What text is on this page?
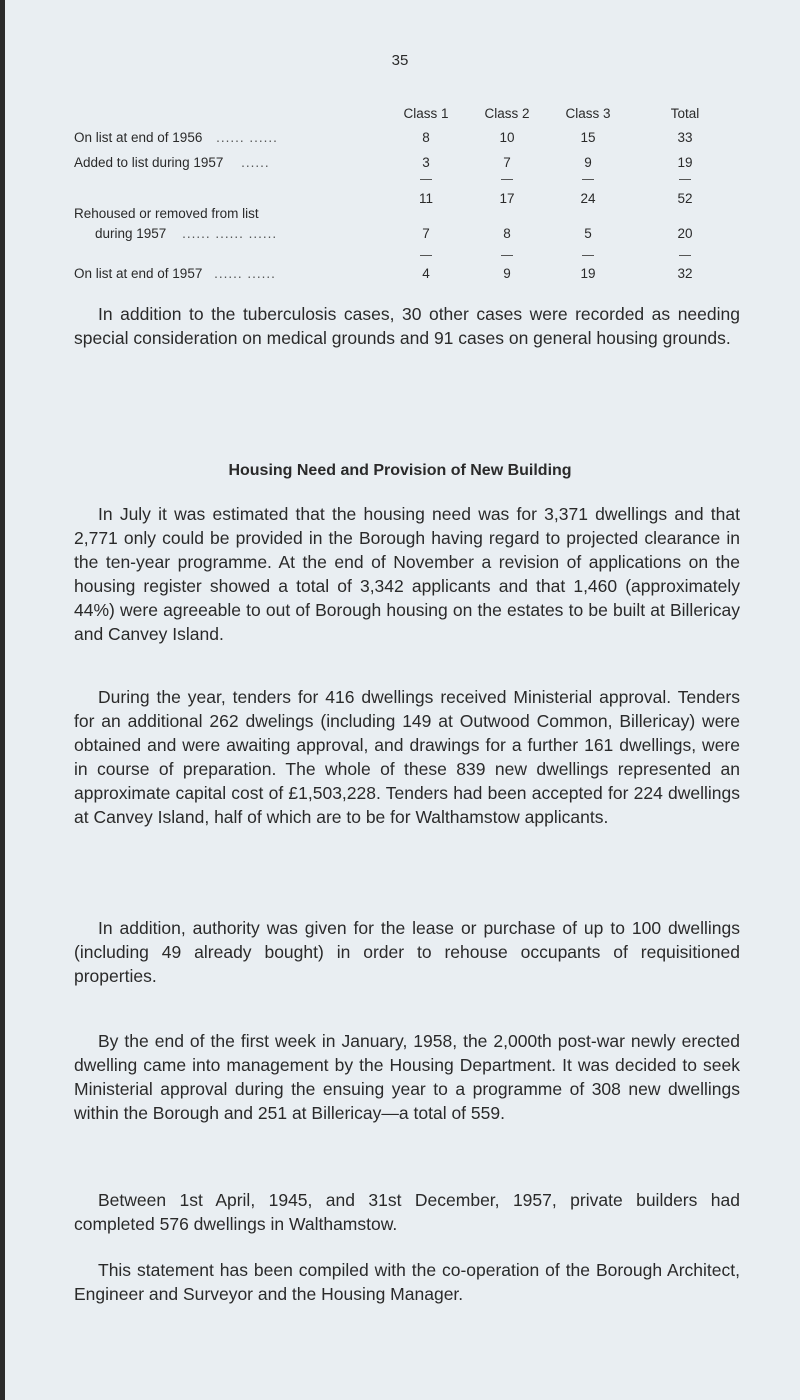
35
Class 1	Class 2	Class 3	Total
On list at end of 1956 ...... ......	8	10	15	33
Added to list during 1957 ......	3	7	9	19
11	17	24	52
Rehoused or removed from list
during 1957 ...... ...... ......	7	8	5	20
On list at end of 1957 ...... ......	4	9	19	32

In addition to the tuberculosis cases, 30 other cases were recorded as needing special consideration on medical grounds and 91 cases on general housing grounds.

Housing Need and Provision of New Building

In July it was estimated that the housing need was for 3,371 dwellings and that 2,771 only could be provided in the Borough having regard to projected clearance in the ten-year programme. At the end of November a revision of applications on the housing register showed a total of 3,342 applicants and that 1,460 (approximately 44%) were agreeable to out of Borough housing on the estates to be built at Billericay and Canvey Island.

During the year, tenders for 416 dwellings received Ministerial approval. Tenders for an additional 262 dwelings (including 149 at Outwood Common, Billericay) were obtained and were awaiting approval, and drawings for a further 161 dwellings, were in course of preparation. The whole of these 839 new dwellings represented an approximate capital cost of £1,503,228. Tenders had been accepted for 224 dwellings at Canvey Island, half of which are to be for Walthamstow applicants.

In addition, authority was given for the lease or purchase of up to 100 dwellings (including 49 already bought) in order to rehouse occupants of requisitioned properties.

By the end of the first week in January, 1958, the 2,000th post-war newly erected dwelling came into management by the Housing Department. It was decided to seek Ministerial approval during the ensuing year to a programme of 308 new dwellings within the Borough and 251 at Billericay—a total of 559.

Between 1st April, 1945, and 31st December, 1957, private builders had completed 576 dwellings in Walthamstow.

This statement has been compiled with the co-operation of the Borough Architect, Engineer and Surveyor and the Housing Manager.
